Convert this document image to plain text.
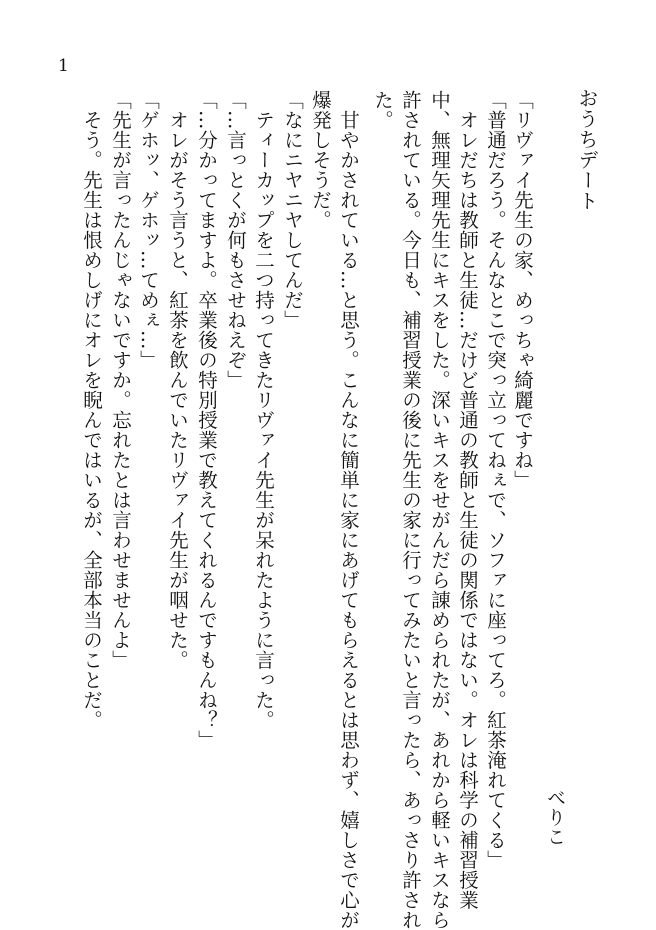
1
おうちデート
べりこ
「リヴァイ先生の家、めっちゃ綺麗ですね」
「普通だろう。そんなとこで突っ立ってねぇで、ソファに座ってろ。紅茶淹れてくる」
　オレだちは教師と生徒…だけど普通の教師と生徒の関係ではない。オレは科学の補習授業
中、無理矢理先生にキスをした。深いキスをせがんだら諌められたが、あれから軽いキスなら
許されている。今日も、補習授業の後に先生の家に行ってみたいと言ったら、あっさり許され
た。
　甘やかされている…と思う。こんなに簡単に家にあげてもらえるとは思わず、嬉しさで心が
爆発しそうだ。
「なにニヤニヤしてんだ」
　ティーカップを二つ持ってきたリヴァイ先生が呆れたように言った。
「…言っとくが何もさせねえぞ」
「…分かってますよ。卒業後の特別授業で教えてくれるんですもんね？」
　オレがそう言うと、紅茶を飲んでいたリヴァイ先生が咽せた。
「ゲホッ、ゲホッ…てめぇ…」
「先生が言ったんじゃないですか。忘れたとは言わせませんよ」
　そう。先生は恨めしげにオレを睨んではいるが、全部本当のことだ。
